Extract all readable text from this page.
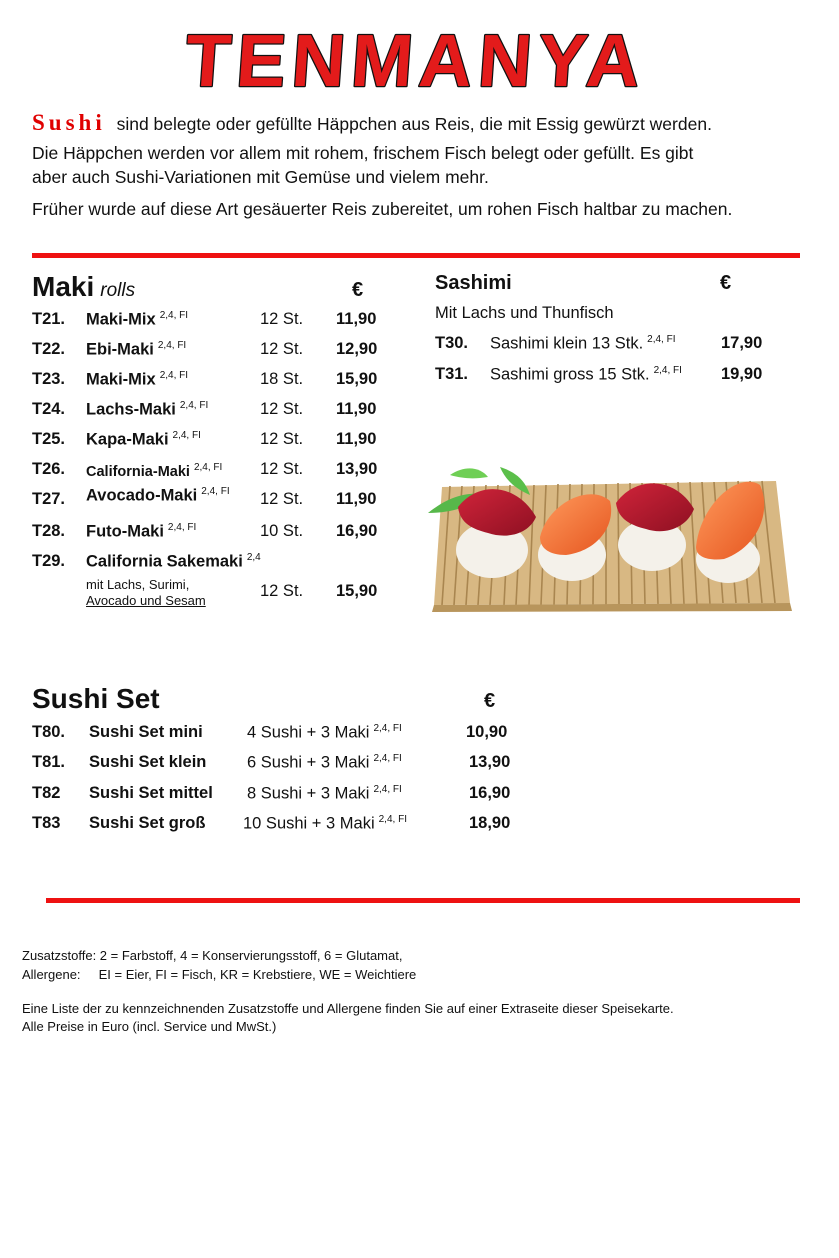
TENMANYA
Sushi sind belegte oder gefüllte Häppchen aus Reis, die mit Essig gewürzt werden.
Die Häppchen werden vor allem mit rohem, frischem Fisch belegt oder gefüllt. Es gibt
aber auch Sushi-Variationen mit Gemüse und vielem mehr.
Früher wurde auf diese Art gesäuerter Reis zubereitet, um rohen Fisch haltbar zu machen.
Maki rolls	€
T21. Maki-Mix $^{2,4, FI}$	12 St. 11,90
T22. Ebi-Maki $^{2,4, FI}$	12 St. 12,90
T23. Maki-Mix $^{2,4, FI}$	18 St. 15,90
T24. Lachs-Maki $^{2,4, FI}$	12 St. 11,90
T25. Kapa-Maki $^{2,4, FI}$	12 St. 11,90
T26. California-Maki $^{2,4, FI}$ 12 St. 13,90
T27. Avocado-Maki $^{2,4, FI}$ 12 St. 11,90
T28. Futo-Maki $^{2,4, FI}$	10 St. 16,90
T29. California Sakemaki $^{2,4}$
mit Lachs, Surimi,
Avocado und Sesam
12 St. 15,90
Sashimi	€
Mit Lachs und Thunfisch
T30. Sashimi klein 13 Stk. $^{2,4, FI}$	17,90
T31. Sashimi gross 15 Stk. $^{2,4, FI}$ 19,90
Sushi Set	€
T80. Sushi Set mini	4 Sushi + 3 Maki $^{2,4, FI}$	10,90
T81. Sushi Set klein 6 Sushi + 3 Maki $^{2,4, FI}$	13,90
T82 Sushi Set mittel 8 Sushi + 3 Maki $^{2,4, FI}$	16,90
T83 Sushi Set groß 10 Sushi + 3 Maki $^{2,4, FI}$	18,90
Zusatzstoffe: 2 = Farbstoff, 4 = Konservierungsstoff, 6 = Glutamat,
Allergene:     EI = Eier, FI = Fisch, KR = Krebstiere, WE = Weichtiere
Eine Liste der zu kennzeichnenden Zusatzstoffe und Allergene finden Sie auf einer Extraseite dieser Speisekarte.
Alle Preise in Euro (incl. Service und MwSt.)
